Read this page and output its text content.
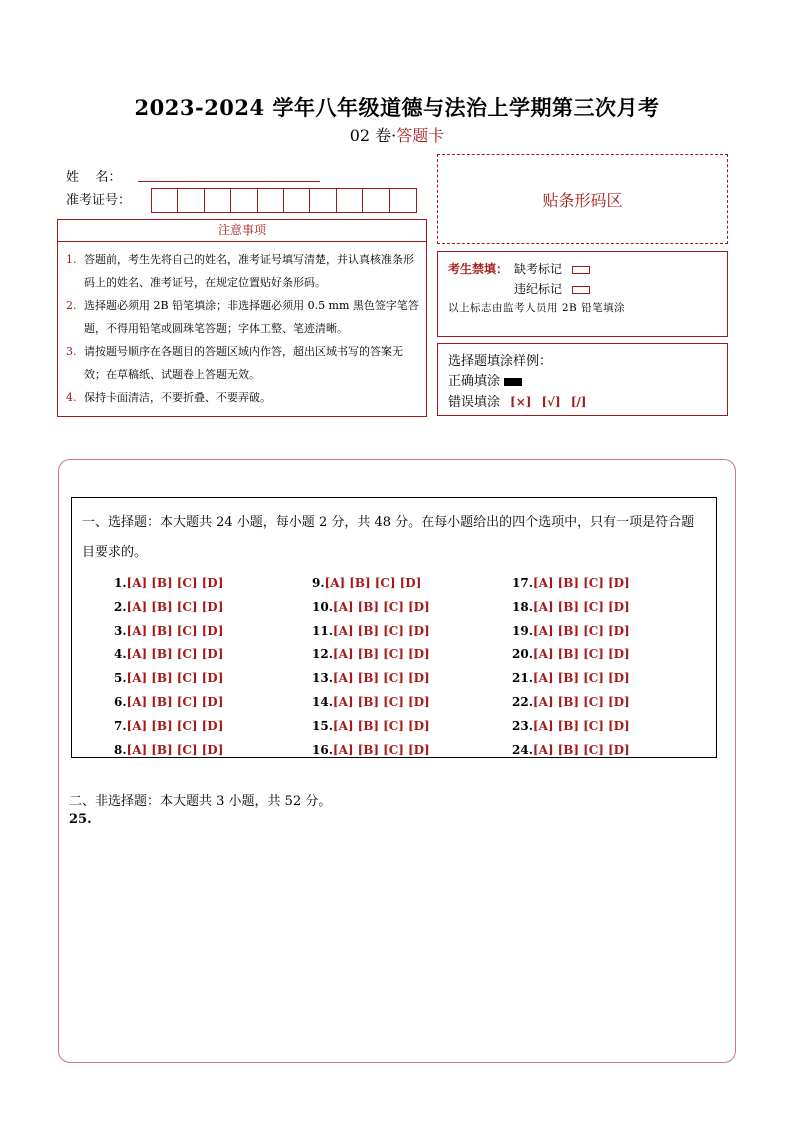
2023-2024 学年八年级道德与法治上学期第三次月考
02 卷·答题卡
姓    名：
准考证号：	贴条形码区
注意事项
1. 答题前，考生先将自己的姓名，准考证号填写清楚，并认真核准条形码上的姓名、准考证号，在规定位置贴好条形码。
2. 选择题必须用 2B 铅笔填涂；非选择题必须用 0.5 mm 黑色签字笔答题，不得用铅笔或圆珠笔答题；字体工整、笔迹清晰。
3. 请按题号顺序在各题目的答题区域内作答，超出区域书写的答案无效；在草稿纸、试题卷上答题无效。
4. 保持卡面清洁，不要折叠、不要弄破。
考生禁填： 缺考标记
违纪标记
以上标志由监考人员用 2B 铅笔填涂
选择题填涂样例：
正确填涂
错误填涂 [×] [√] [/]
一、选择题：本大题共 24 小题，每小题 2 分，共 48 分。在每小题给出的四个选项中，只有一项是符合题目要求的。
1.[A] [B] [C] [D]
2.[A] [B] [C] [D]
3.[A] [B] [C] [D]
4.[A] [B] [C] [D]
5.[A] [B] [C] [D]
6.[A] [B] [C] [D]
7.[A] [B] [C] [D]
8.[A] [B] [C] [D]
9.[A] [B] [C] [D]
10.[A] [B] [C] [D]
11.[A] [B] [C] [D]
12.[A] [B] [C] [D]
13.[A] [B] [C] [D]
14.[A] [B] [C] [D]
15.[A] [B] [C] [D]
16.[A] [B] [C] [D]
17.[A] [B] [C] [D]
18.[A] [B] [C] [D]
19.[A] [B] [C] [D]
20.[A] [B] [C] [D]
21.[A] [B] [C] [D]
22.[A] [B] [C] [D]
23.[A] [B] [C] [D]
24.[A] [B] [C] [D]
二、非选择题：本大题共 3 小题，共 52 分。
25.
